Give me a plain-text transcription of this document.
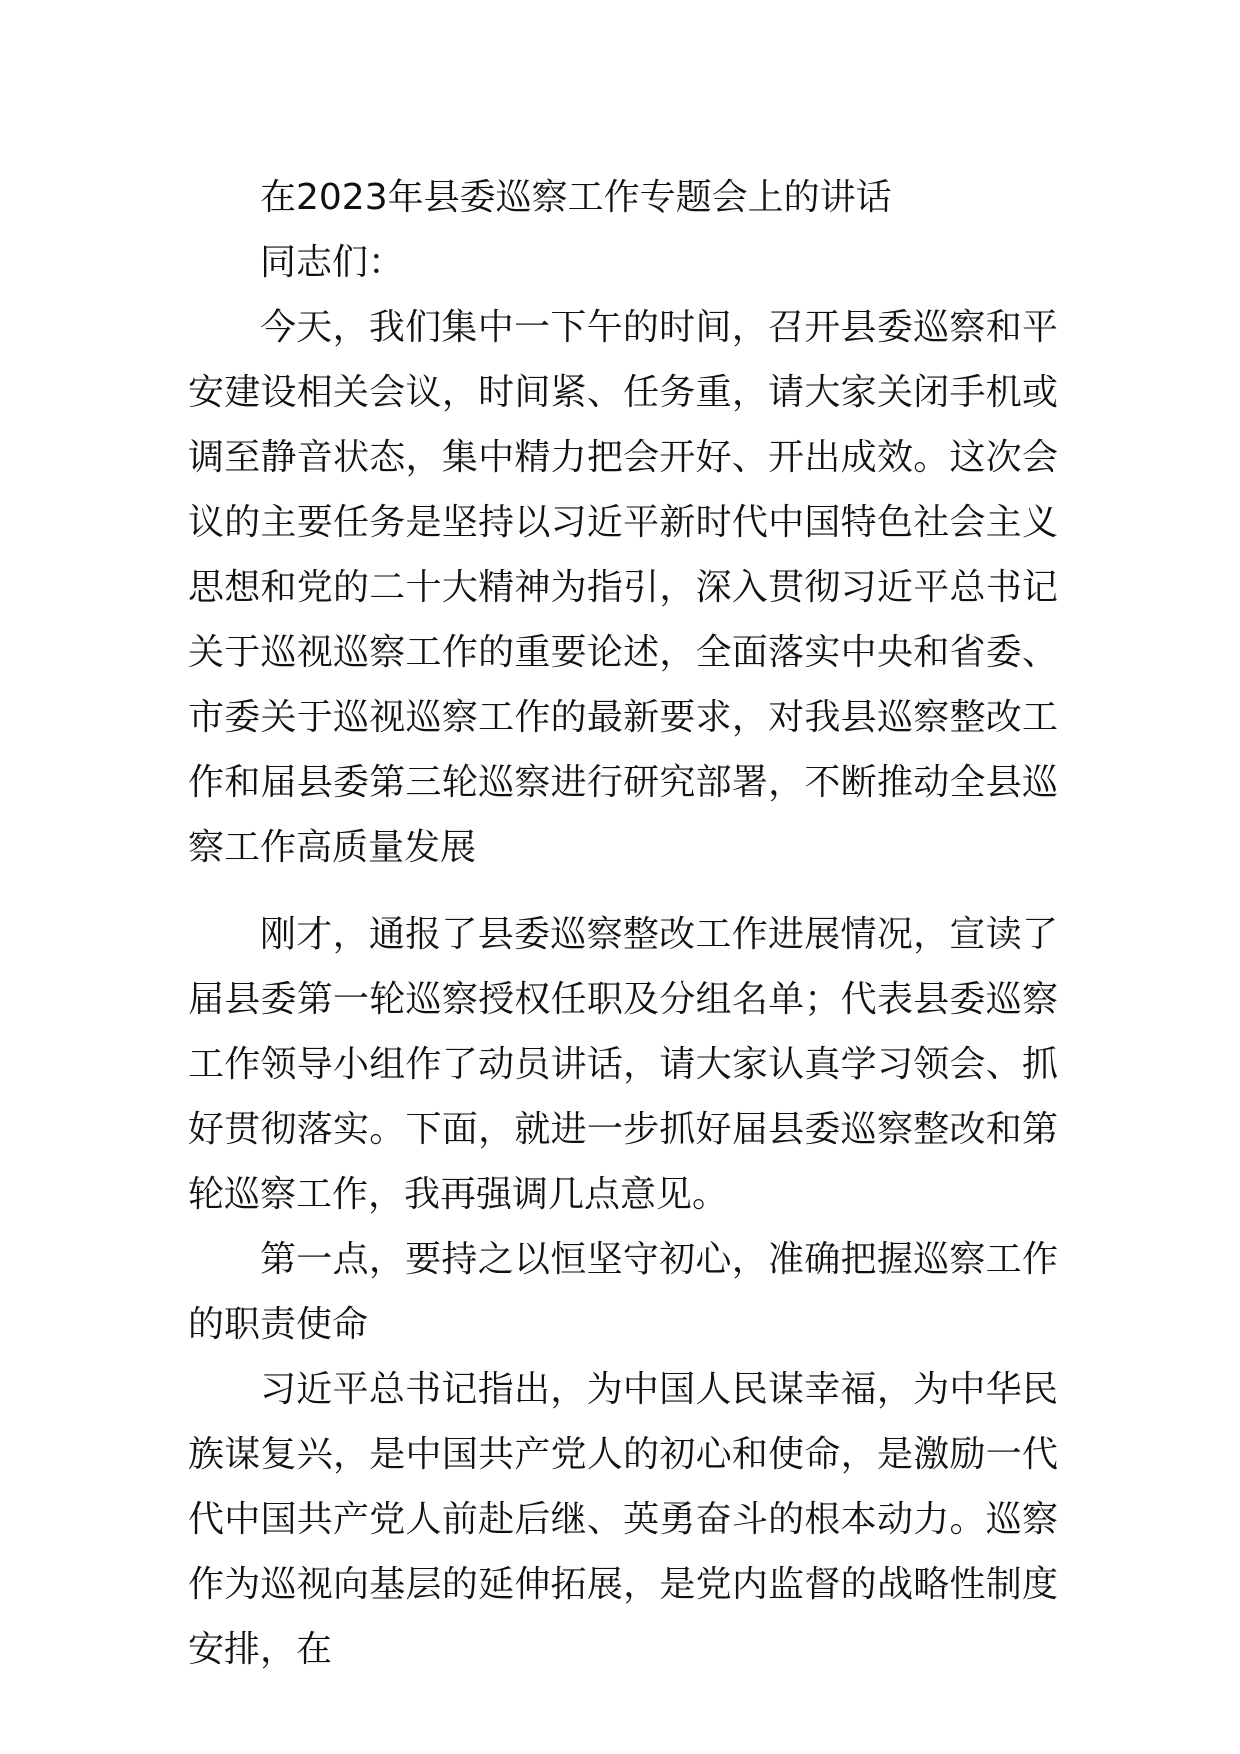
在2023年县委巡察工作专题会上的讲话

同志们：

今天，我们集中一下午的时间，召开县委巡察和平安建设相关会议，时间紧、任务重，请大家关闭手机或调至静音状态，集中精力把会开好、开出成效。这次会议的主要任务是坚持以习近平新时代中国特色社会主义思想和党的二十大精神为指引，深入贯彻习近平总书记关于巡视巡察工作的重要论述，全面落实中央和省委、市委关于巡视巡察工作的最新要求，对我县巡察整改工作和届县委第三轮巡察进行研究部署，不断推动全县巡察工作高质量发展

刚才，通报了县委巡察整改工作进展情况，宣读了届县委第一轮巡察授权任职及分组名单；代表县委巡察工作领导小组作了动员讲话，请大家认真学习领会、抓好贯彻落实。下面，就进一步抓好届县委巡察整改和第轮巡察工作，我再强调几点意见。

第一点，要持之以恒坚守初心，准确把握巡察工作的职责使命

习近平总书记指出，为中国人民谋幸福，为中华民族谋复兴，是中国共产党人的初心和使命，是激励一代代中国共产党人前赴后继、英勇奋斗的根本动力。巡察作为巡视向基层的延伸拓展，是党内监督的战略性制度安排，在
